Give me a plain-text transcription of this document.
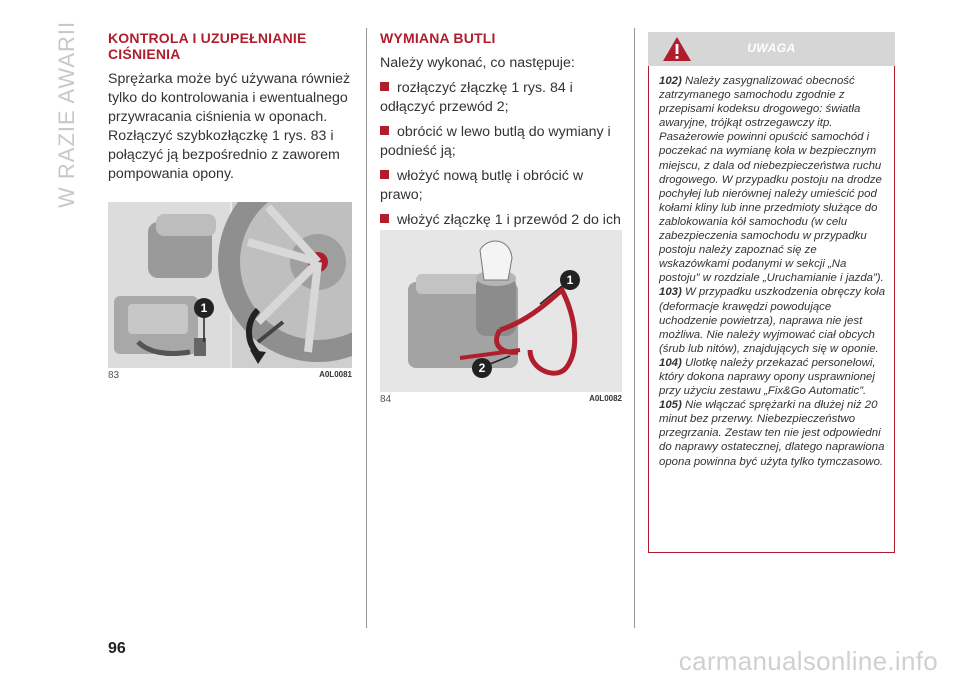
W RAZIE AWARII KONTROLA I UZUPEŁNIANIE CIŚNIENIA

Sprężarka może być używana również tylko do kontrolowania i ewentualnego przywracania ciśnienia w oponach. Rozłączyć szybkozłączkę 1 rys. 83 i połączyć ją bezpośrednio z zaworem pompowania opony.

1
83	A0L0081
WYMIANA BUTLI

Należy wykonać, co następuje:

rozłączyć złączkę 1 rys. 84 i odłączyć przewód 2;
obrócić w lewo butlą do wymiany i podnieść ją;
włożyć nową butlę i obrócić w prawo;
włożyć złączkę 1 i przewód 2 do ich
1
2
84	A0L0082
UWAGA

102) Należy zasygnalizować obecność zatrzymanego samochodu zgodnie z przepisami kodeksu drogowego: światła awaryjne, trójkąt ostrzegawczy itp. Pasażerowie powinni opuścić samochód i poczekać na wymianę koła w bezpiecznym miejscu, z dala od niebezpieczeństwa ruchu drogowego. W przypadku postoju na drodze pochyłej lub nierównej należy umieścić pod kołami kliny lub inne przedmioty służące do zablokowania kół samochodu (w celu zabezpieczenia samochodu w przypadku postoju należy zapoznać się ze wskazówkami podanymi w sekcji „Na postoju” w rozdziale „Uruchamianie i jazda”).

103) W przypadku uszkodzenia obręczy koła (deformacje krawędzi powodujące uchodzenie powietrza), naprawa nie jest możliwa. Nie należy wyjmować ciał obcych (śrub lub nitów), znajdujących się w oponie.

104) Ulotkę należy przekazać personelowi, który dokona naprawy opony usprawnionej przy użyciu zestawu „Fix&Go Automatic”.

105) Nie włączać sprężarki na dłużej niż 20 minut bez przerwy. Niebezpieczeństwo przegrzania. Zestaw ten nie jest odpowiedni do naprawy ostatecznej, dlatego naprawiona opona powinna być użyta tylko tymczasowo.

96	carmanualsonline.info
